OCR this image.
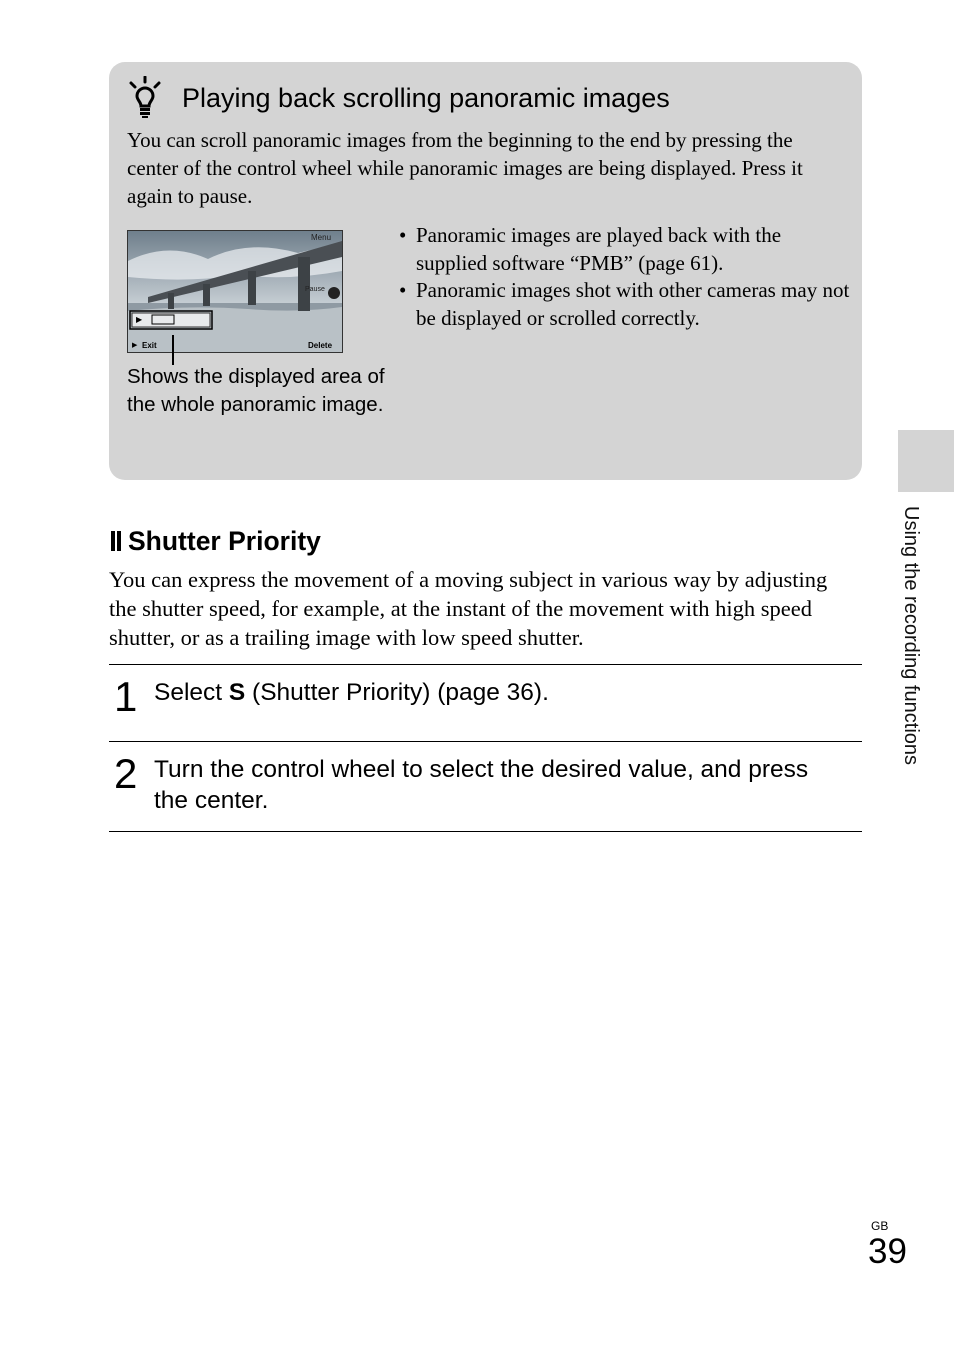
Playing back scrolling panoramic images
You can scroll panoramic images from the beginning to the end by pressing the center of the control wheel while panoramic images are being displayed. Press it again to pause.
Menu
Pause
▶
▶ Exit	Delete
Shows the displayed area of the whole panoramic image.
• Panoramic images are played back with the supplied software “PMB” (page 61).
• Panoramic images shot with other cameras may not be displayed or scrolled correctly.
Shutter Priority
You can express the movement of a moving subject in various way by adjusting the shutter speed, for example, at the instant of the movement with high speed shutter, or as a trailing image with low speed shutter.
1 Select S (Shutter Priority) (page 36).
2 Turn the control wheel to select the desired value, and press the center.
Using the recording functions
GB
39
